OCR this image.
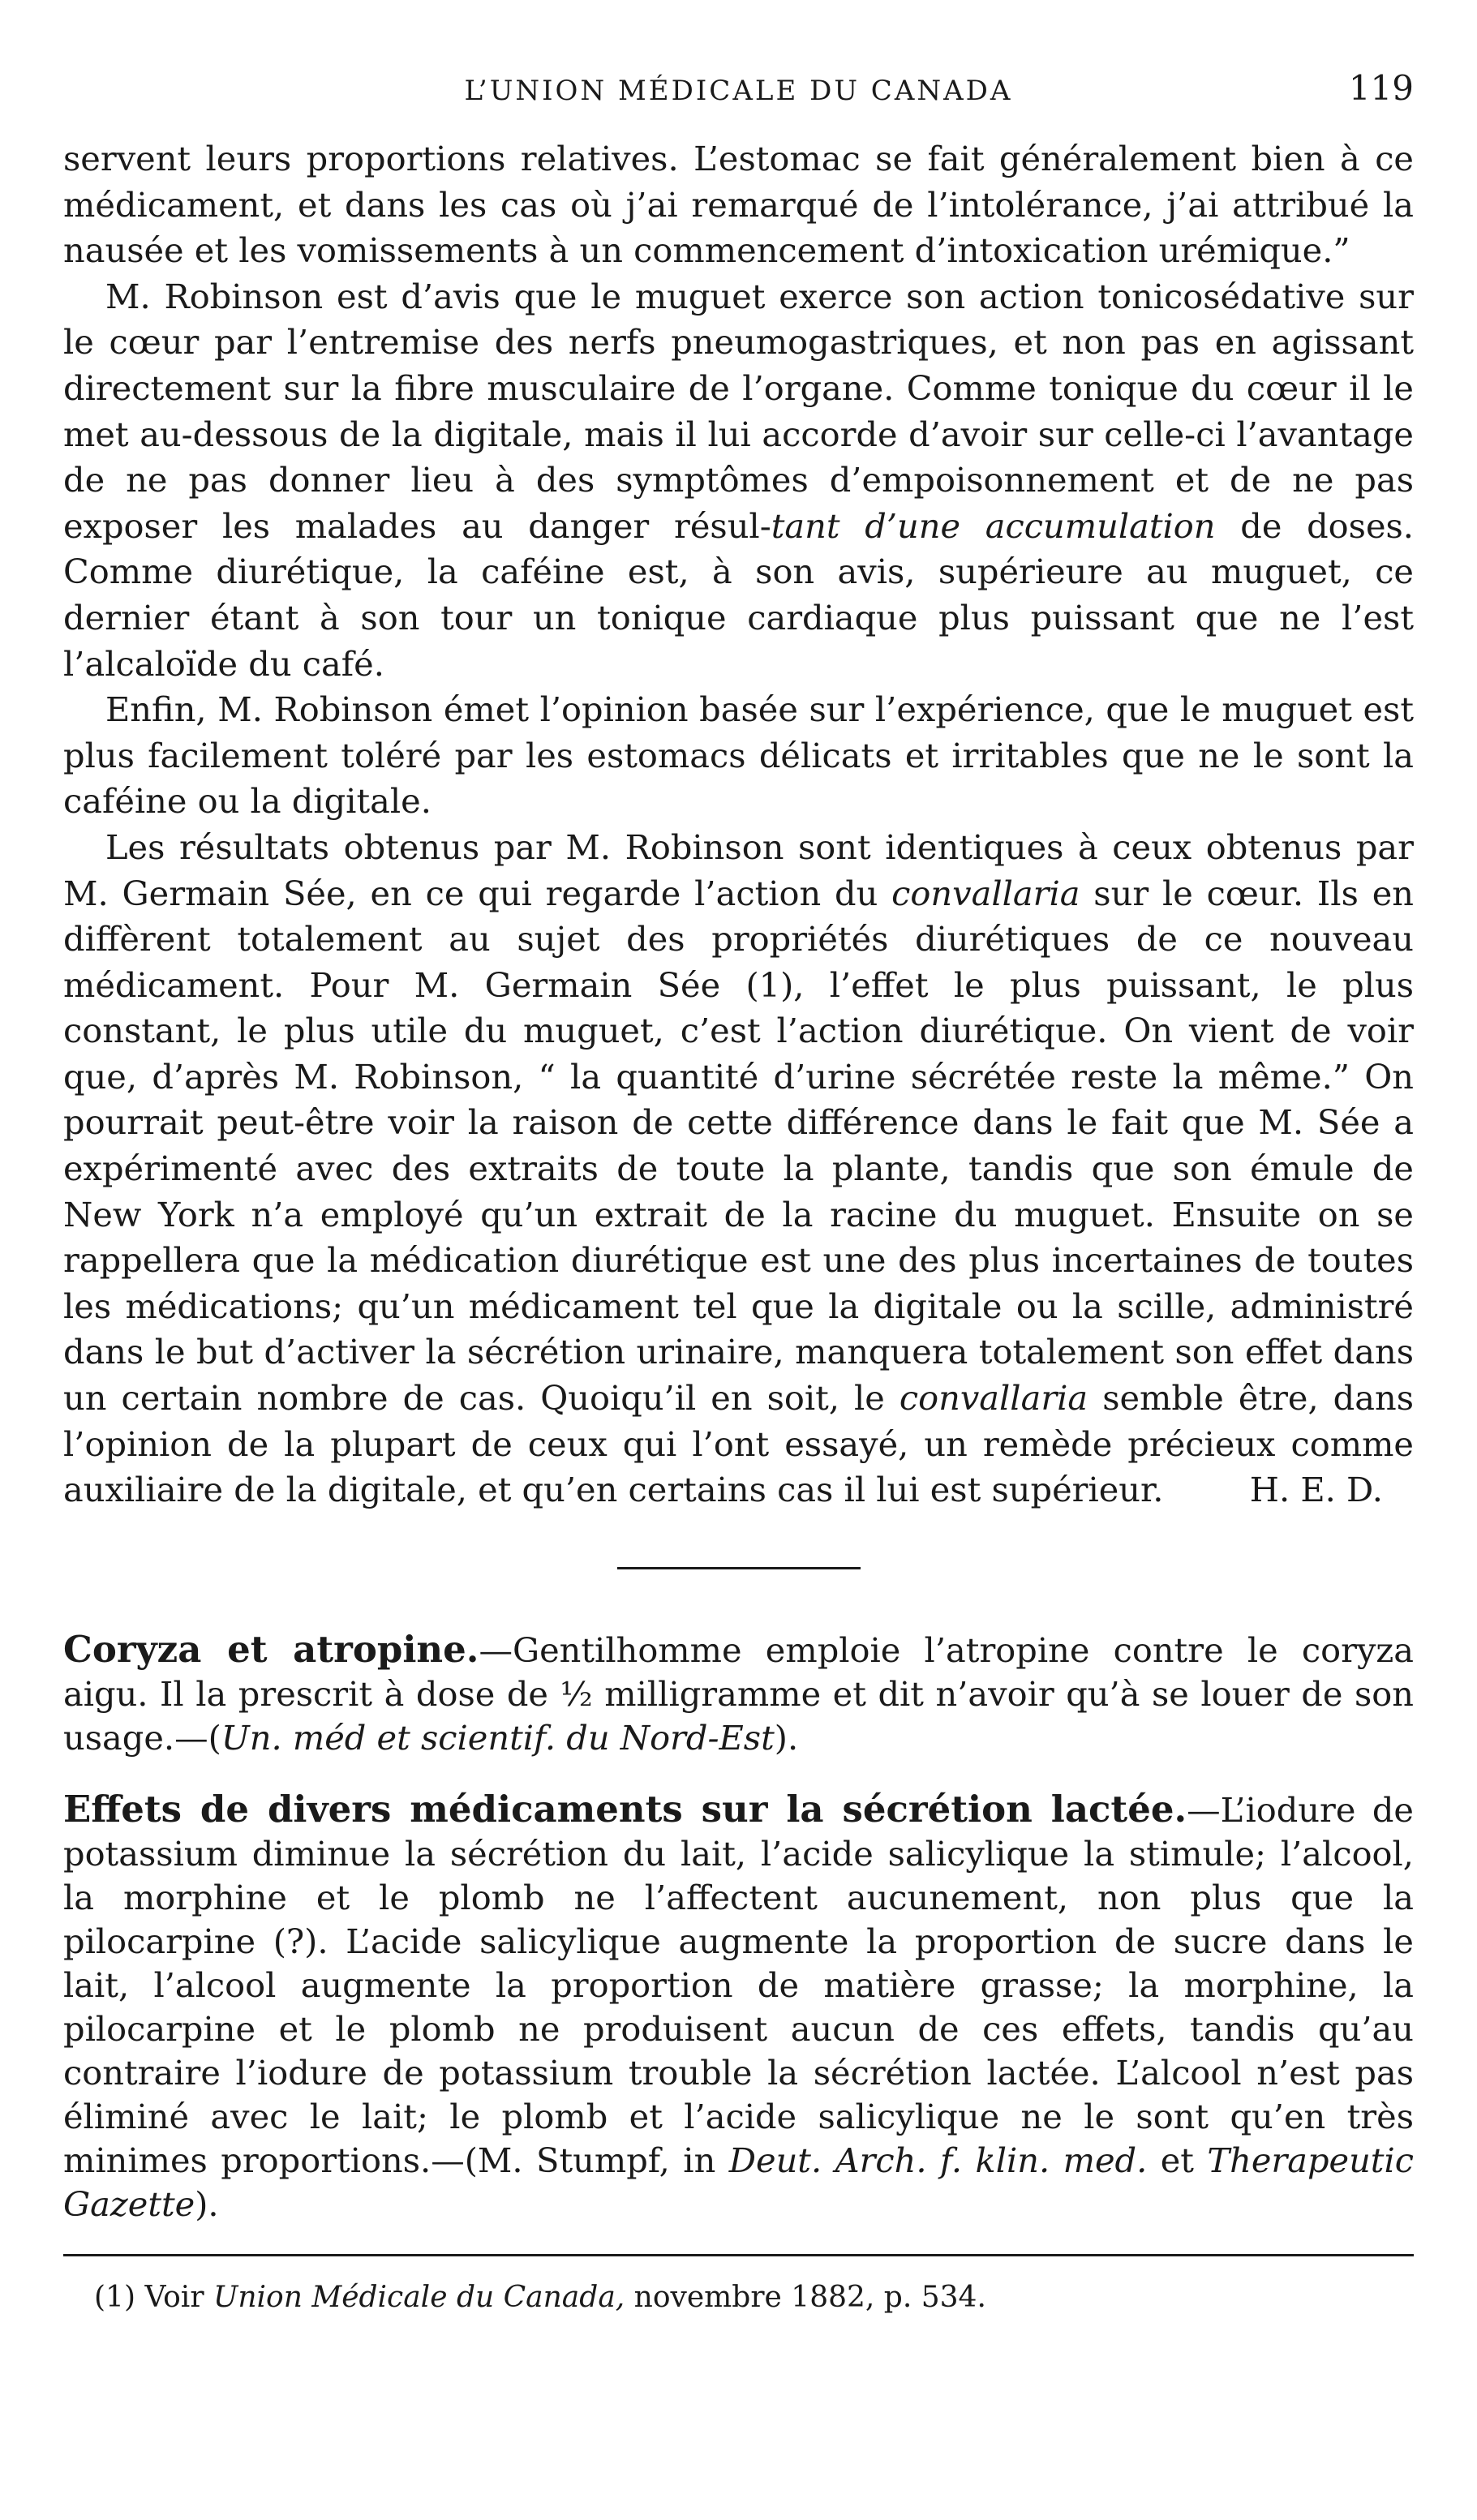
L’UNION MÉDICALE DU CANADA	119

servent leurs proportions relatives. L’estomac se fait généralement bien à ce médicament, et dans les cas où j’ai remarqué de l’intolérance, j’ai attribué la nausée et les vomissements à un commencement d’intoxication urémique.”

M. Robinson est d’avis que le muguet exerce son action tonicosédative sur le cœur par l’entremise des nerfs pneumogastriques, et non pas en agissant directement sur la fibre musculaire de l’organe. Comme tonique du cœur il le met au-dessous de la digitale, mais il lui accorde d’avoir sur celle-ci l’avantage de ne pas donner lieu à des symptômes d’empoisonnement et de ne pas exposer les malades au danger résul-tant d’une accumulation de doses. Comme diurétique, la caféine est, à son avis, supérieure au muguet, ce dernier étant à son tour un tonique cardiaque plus puissant que ne l’est l’alcaloïde du café.

Enfin, M. Robinson émet l’opinion basée sur l’expérience, que le muguet est plus facilement toléré par les estomacs délicats et irritables que ne le sont la caféine ou la digitale.

Les résultats obtenus par M. Robinson sont identiques à ceux obtenus par M. Germain Sée, en ce qui regarde l’action du convallaria sur le cœur. Ils en diffèrent totalement au sujet des propriétés diurétiques de ce nouveau médicament. Pour M. Germain Sée (1), l’effet le plus puissant, le plus constant, le plus utile du muguet, c’est l’action diurétique. On vient de voir que, d’après M. Robinson, “ la quantité d’urine sécrétée reste la même.” On pourrait peut-être voir la raison de cette différence dans le fait que M. Sée a expérimenté avec des extraits de toute la plante, tandis que son émule de New York n’a employé qu’un extrait de la racine du muguet. Ensuite on se rappellera que la médication diurétique est une des plus incertaines de toutes les médications; qu’un médicament tel que la digitale ou la scille, administré dans le but d’activer la sécrétion urinaire, manquera totalement son effet dans un certain nombre de cas. Quoiqu’il en soit, le convallaria semble être, dans l’opinion de la plupart de ceux qui l’ont essayé, un remède précieux comme auxiliaire de la digitale, et qu’en certains cas il lui est supérieur.	H. E. D.

Coryza et atropine.—Gentilhomme emploie l’atropine contre le coryza aigu. Il la prescrit à dose de ½ milligramme et dit n’avoir qu’à se louer de son usage.—(Un. méd et scientif. du Nord-Est).

Effets de divers médicaments sur la sécrétion lactée.—L’iodure de potassium diminue la sécrétion du lait, l’acide salicylique la stimule; l’alcool, la morphine et le plomb ne l’affectent aucunement, non plus que la pilocarpine (?). L’acide salicylique augmente la proportion de sucre dans le lait, l’alcool augmente la proportion de matière grasse; la morphine, la pilocarpine et le plomb ne produisent aucun de ces effets, tandis qu’au contraire l’iodure de potassium trouble la sécrétion lactée. L’alcool n’est pas éliminé avec le lait; le plomb et l’acide salicylique ne le sont qu’en très minimes proportions.—(M. Stumpf, in Deut. Arch. f. klin. med. et Therapeutic Gazette).

(1) Voir Union Médicale du Canada, novembre 1882, p. 534.
